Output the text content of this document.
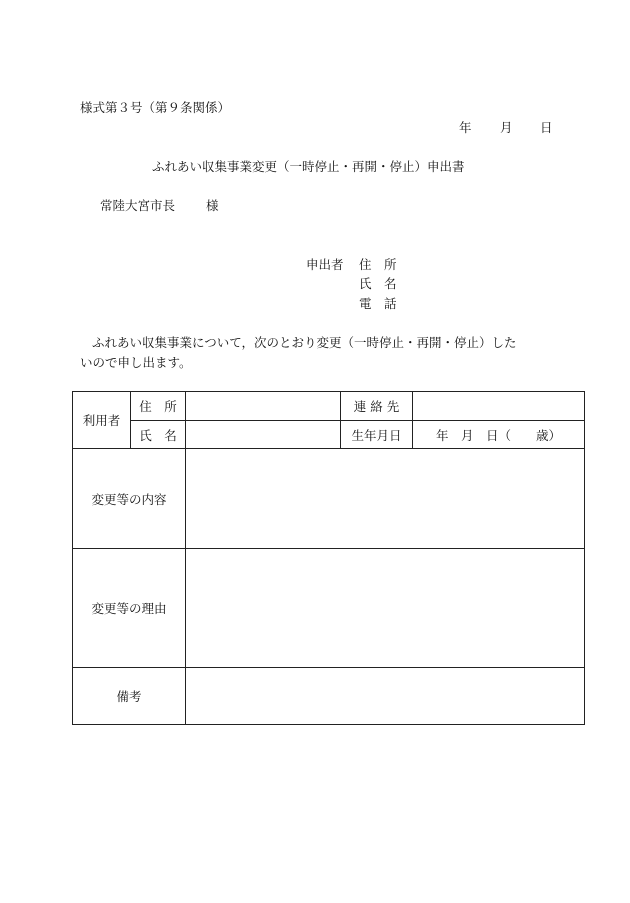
様式第３号（第９条関係）
年 月 日
ふれあい収集事業変更（一時停止・再開・停止）申出書
常陸大宮市長 様
申出者 住　所
氏　名
電　話
ふれあい収集事業について，次のとおり変更（一時停止・再開・停止）した
いので申し出ます。
利用者	住　所		連 絡 先	
	氏　名		生年月日	年　月　日（　　歳）
変更等の内容				
変更等の理由				
備考				
